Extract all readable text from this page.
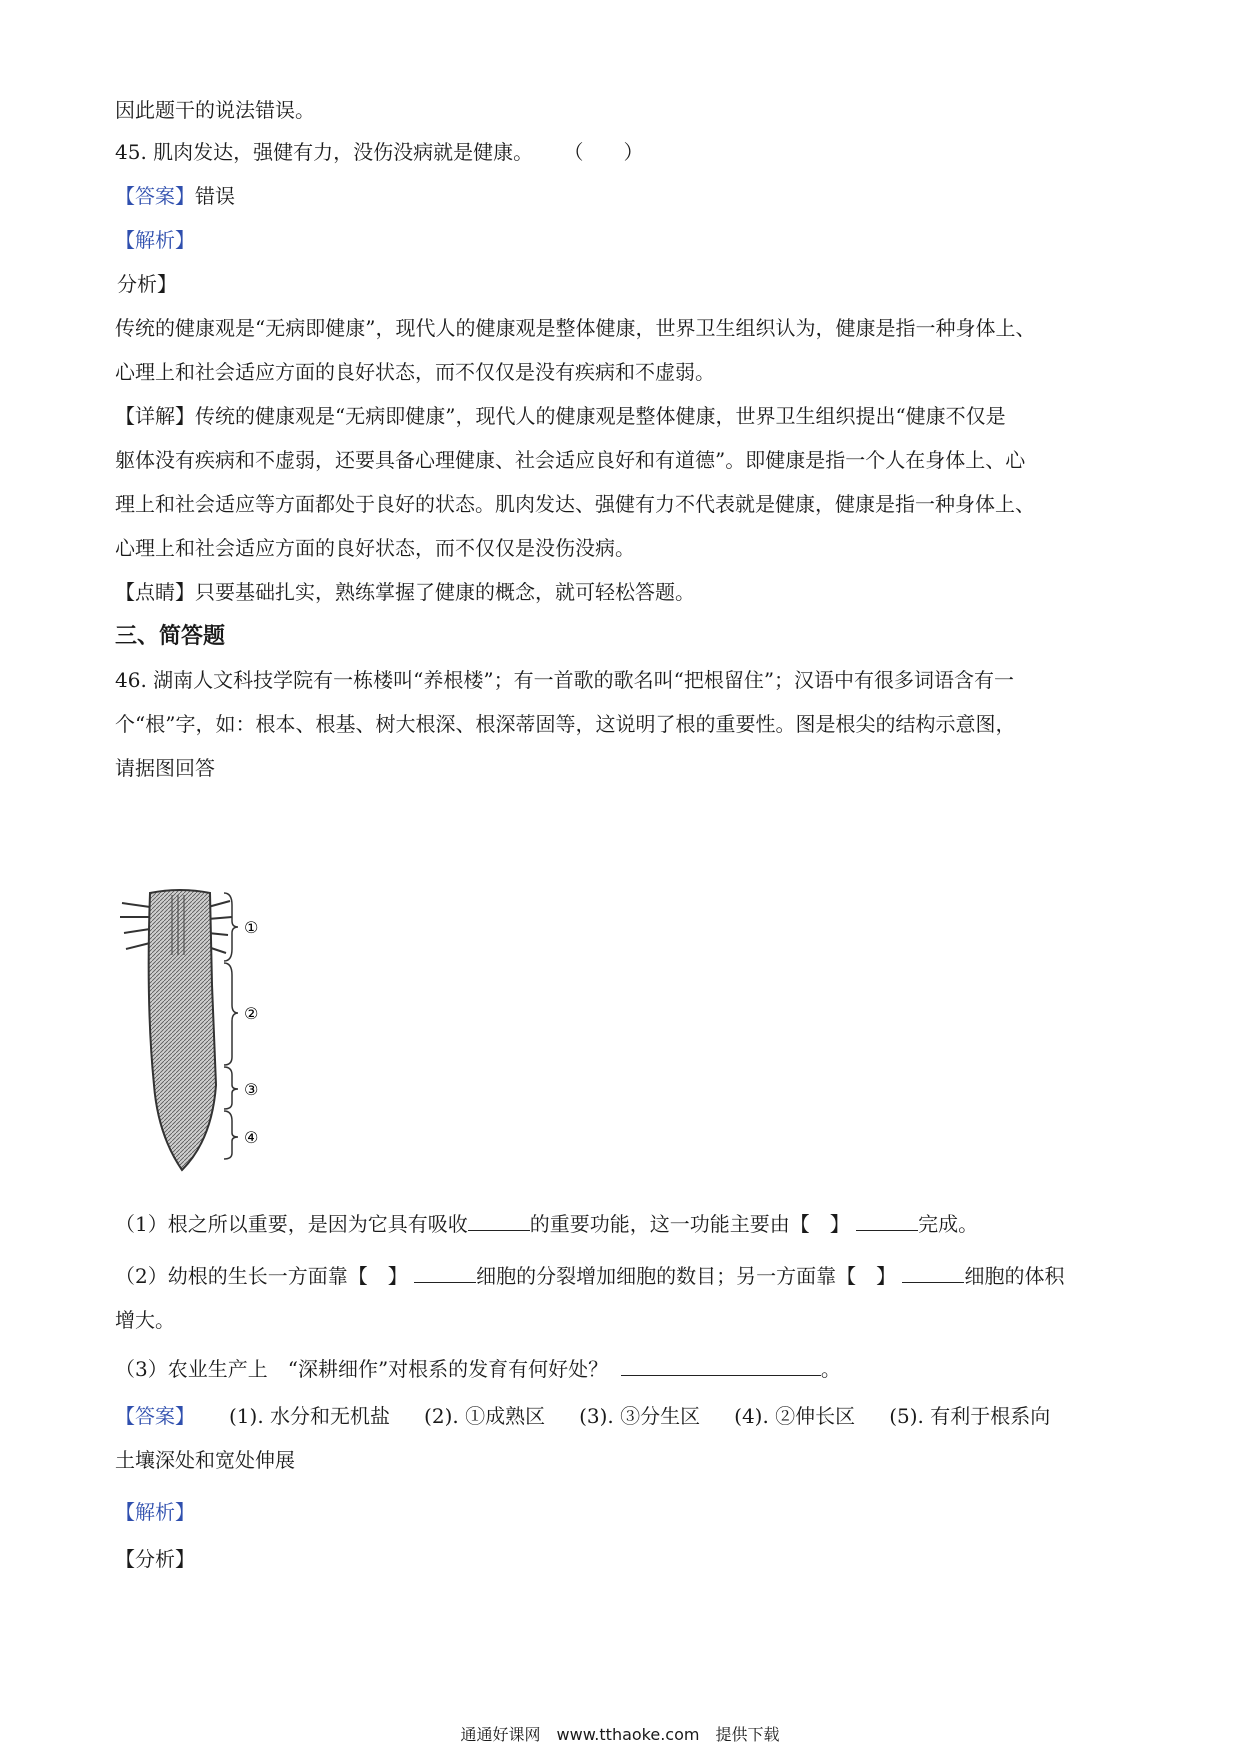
因此题干的说法错误。
45. 肌肉发达，强健有力，没伤没病就是健康。 （　　）
【答案】错误
【解析】
分析】
传统的健康观是“无病即健康”，现代人的健康观是整体健康，世界卫生组织认为，健康是指一种身体上、
心理上和社会适应方面的良好状态，而不仅仅是没有疾病和不虚弱。
【详解】传统的健康观是“无病即健康”，现代人的健康观是整体健康，世界卫生组织提出“健康不仅是
躯体没有疾病和不虚弱，还要具备心理健康、社会适应良好和有道德”。即健康是指一个人在身体上、心
理上和社会适应等方面都处于良好的状态。肌肉发达、强健有力不代表就是健康，健康是指一种身体上、
心理上和社会适应方面的良好状态，而不仅仅是没伤没病。
【点睛】只要基础扎实，熟练掌握了健康的概念，就可轻松答题。
三、简答题
46. 湖南人文科技学院有一栋楼叫“养根楼”；有一首歌的歌名叫“把根留住”；汉语中有很多词语含有一
个“根”字，如：根本、根基、树大根深、根深蒂固等，这说明了根的重要性。图是根尖的结构示意图，
请据图回答
①
②
③
④
（1）根之所以重要，是因为它具有吸收	的重要功能，这一功能主要由【　】	完成。
（2）幼根的生长一方面靠【　】	细胞的分裂增加细胞的数目；另一方面靠【　】	细胞的体积
增大。
（3）农业生产上　“深耕细作”对根系的发育有何好处？	。
【答案】 (1). 水分和无机盐 (2). ①成熟区 (3). ③分生区 (4). ②伸长区 (5). 有利于根系向
土壤深处和宽处伸展
【解析】
【分析】
通通好课网　www.tthaoke.com　提供下载
